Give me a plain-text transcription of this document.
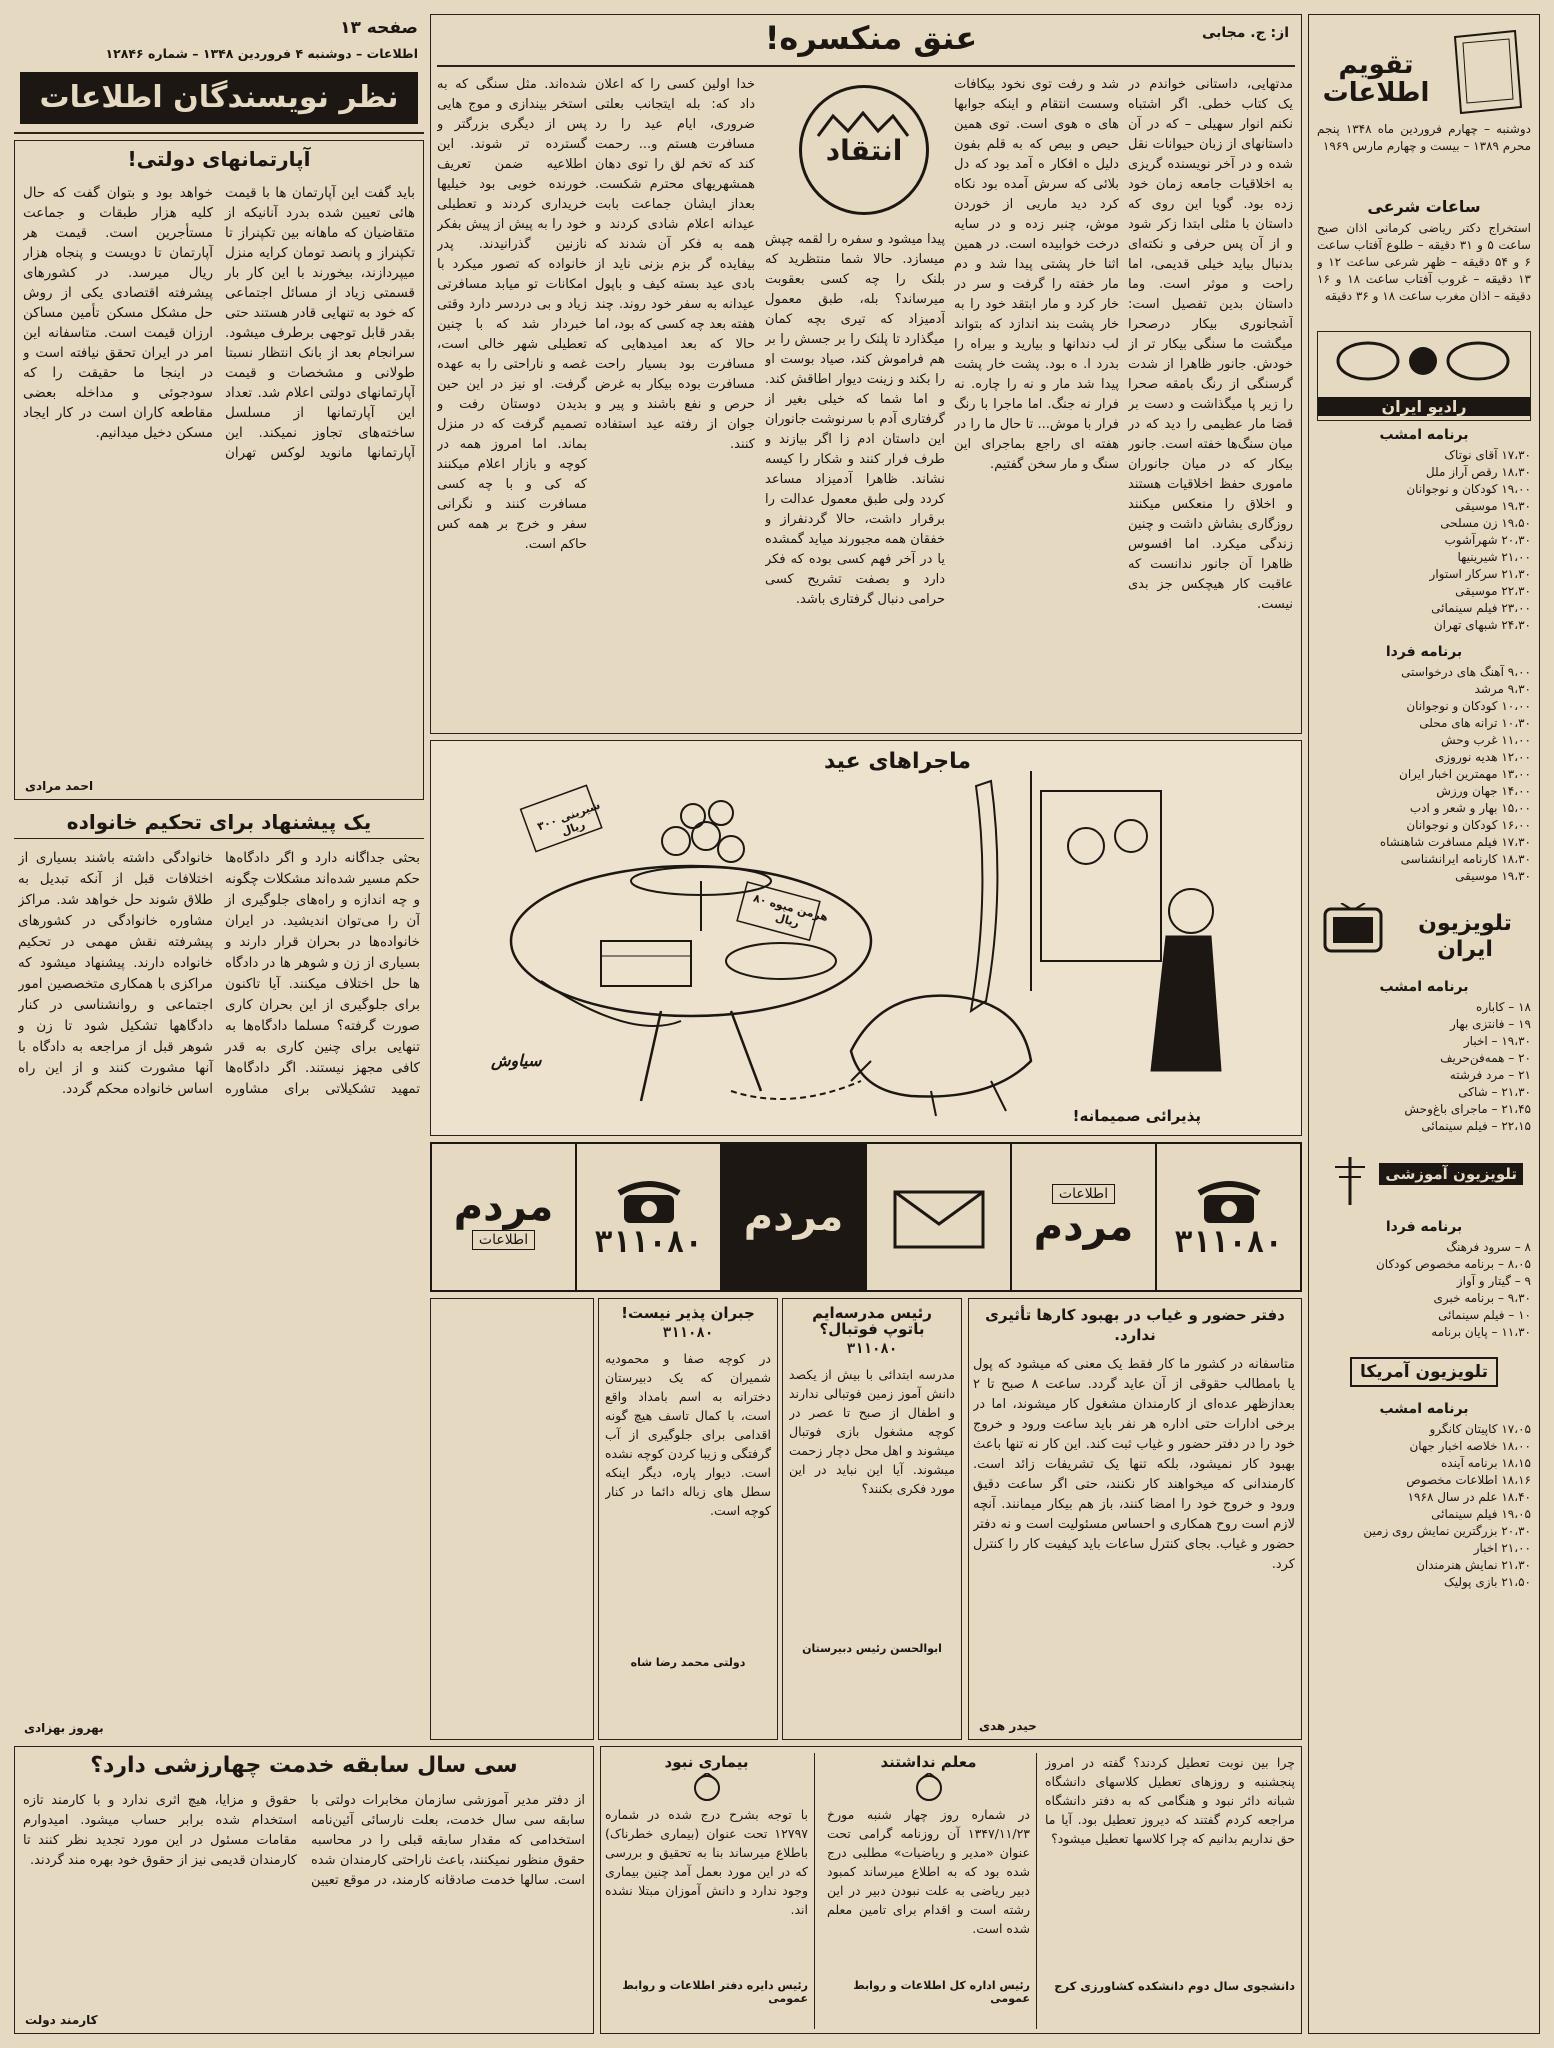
تقویم اطلاعات

دوشنبه – چهارم فروردین ماه ۱۳۴۸ پنجم محرم ۱۳۸۹ – بیست و چهارم مارس ۱۹۶۹

ساعات شرعی

استخراج دکتر ریاضی کرمانی اذان صبح ساعت ۵ و ۳۱ دقیقه – طلوع آفتاب ساعت ۶ و ۵۴ دقیقه – ظهر شرعی ساعت ۱۲ و ۱۳ دقیقه – غروب آفتاب ساعت ۱۸ و ۱۶ دقیقه – اذان مغرب ساعت ۱۸ و ۳۶ دقیقه

رادیو ایران
برنامه امشب
۱۷،۳۰ آقای نوتاک
۱۸،۳۰ رقص آراز ملل
۱۹،۰۰ کودکان و نوجوانان
۱۹،۳۰ موسیقی
۱۹،۵۰ زن مسلحی
۲۰،۳۰ شهرآشوب
۲۱،۰۰ شیرینیها
۲۱،۳۰ سرکار استوار
۲۲،۳۰ موسیقی
۲۳،۰۰ فیلم سینمائی
۲۴،۳۰ شبهای تهران
برنامه فردا
۹،۰۰ آهنگ های درخواستی
۹،۳۰ مرشد
۱۰،۰۰ کودکان و نوجوانان
۱۰،۳۰ ترانه های محلی
۱۱،۰۰ غرب وحش
۱۲،۰۰ هدیه نوروزی
۱۳،۰۰ مهمترین اخبار ایران
۱۴،۰۰ جهان ورزش
۱۵،۰۰ بهار و شعر و ادب
۱۶،۰۰ کودکان و نوجوانان
۱۷،۳۰ فیلم مسافرت شاهنشاه
۱۸،۳۰ کارنامه ایرانشناسی
۱۹،۳۰ موسیقی
تلویزیون ایران
برنامه امشب
۱۸ – کاباره
۱۹ – فانتزی بهار
۱۹،۳۰ – اخبار
۲۰ – همه‌فن‌حریف
۲۱ – مرد فرشته
۲۱،۳۰ – شاکی
۲۱،۴۵ – ماجرای باغ‌وحش
۲۲،۱۵ – فیلم سینمائی
تلویزیون آموزشی
برنامه فردا
۸ – سرود فرهنگ
۸،۰۵ – برنامه مخصوص کودکان
۹ – گیتار و آواز
۹،۳۰ – برنامه خبری
۱۰ – فیلم سینمائی
۱۱،۳۰ – پایان برنامه
تلویزیون آمریکا
برنامه امشب
۱۷،۰۵ کاپیتان کانگرو
۱۸،۰۰ خلاصه اخبار جهان
۱۸،۱۵ برنامه آینده
۱۸،۱۶ اطلاعات مخصوص
۱۸،۴۰ علم در سال ۱۹۶۸
۱۹،۰۵ فیلم سینمائی
۲۰،۳۰ بزرگترین نمایش روی زمین
۲۱،۰۰ اخبار
۲۱،۳۰ نمایش هنرمندان
۲۱،۵۰ بازی پولیک
صفحه ۱۳
اطلاعات – دوشنبه ۴ فروردین ۱۳۴۸ – شماره ۱۲۸۴۶
نظر نویسندگان اطلاعات
آپارتمانهای دولتی!

باید گفت این آپارتمان ها با قیمت هائی تعیین شده بدرد آنانیکه از متقاضیان که ماهانه بین تکپنراز تا تکپنراز و پانصد تومان کرایه منزل میپردازند، بیخورند با این کار بار قسمتی زیاد از مسائل اجتماعی که خود به تنهایی قادر هستند حتی بقدر قابل توجهی برطرف میشود. سرانجام بعد از بانک انتظار نسبتا طولانی و مشخصات و قیمت آپارتمانهای دولتی اعلام شد. تعداد این آپارتمانها از مسلسل ساخته‌های تجاوز نمیکند. این آپارتمانها مانوید لوکس تهران خواهد بود و بتوان گفت که حال کلیه هزار طبقات و جماعت مستأجرین است. قیمت هر آپارتمان تا دویست و پنجاه هزار ریال میرسد. در کشورهای پیشرفته اقتصادی یکی از روش حل مشکل مسکن تأمین مساکن ارزان قیمت است. متاسفانه این امر در ایران تحقق نیافته است و در اینجا ما حقیقت را که سودجوئی و مداخله بعضی مقاطعه کاران است در کار ایجاد مسکن دخیل میدانیم.

احمد مرادی
یک پیشنهاد برای تحکیم خانواده

بحثی جداگانه دارد و اگر دادگاه‌ها حکم مسیر شده‌اند مشکلات چگونه و چه اندازه و راه‌های جلوگیری از آن را می‌توان اندیشید. در ایران خانواده‌ها در بحران قرار دارند و بسیاری از زن و شوهر ها در دادگاه ها حل اختلاف میکنند. آیا تاکنون برای جلوگیری از این بحران کاری صورت گرفته؟ مسلما دادگاه‌ها به تنهایی برای چنین کاری به قدر کافی مجهز نیستند. اگر دادگاه‌ها تمهید تشکیلاتی برای مشاوره خانوادگی داشته باشند بسیاری از اختلافات قبل از آنکه تبدیل به طلاق شوند حل خواهد شد. مراکز مشاوره خانوادگی در کشورهای پیشرفته نقش مهمی در تحکیم خانواده دارند. پیشنهاد میشود که مراکزی با همکاری متخصصین امور اجتماعی و روانشناسی در کنار دادگاهها تشکیل شود تا زن و شوهر قبل از مراجعه به دادگاه با آنها مشورت کنند و از این راه اساس خانواده محکم گردد.

بهروز بهزادی
سی سال سابقه خدمت چهارزشی دارد؟

از دفتر مدیر آموزشی سازمان مخابرات دولتی با سابقه سی سال خدمت، بعلت نارسائی آئین‌نامه استخدامی که مقدار سابقه قبلی را در محاسبه حقوق منظور نمیکنند، باعث ناراحتی کارمندان شده است. سالها خدمت صادقانه کارمند، در موقع تعیین حقوق و مزایا، هیچ اثری ندارد و با کارمند تازه استخدام شده برابر حساب میشود. امیدوارم مقامات مسئول در این مورد تجدید نظر کنند تا کارمندان قدیمی نیز از حقوق خود بهره مند گردند.

کارمند دولت
از: ج. مجابی
عنق منکسره!

مدتهایی، داستانی خواندم در یک کتاب خطی. اگر اشتباه نکنم انوار سهیلی – که در آن داستانهای از زبان حیوانات نقل شده و در آخر نویسنده گریزی به اخلاقیات جامعه زمان خود زده بود. گویا این روی که داستان با مثلی ابتدا زکر شود و از آن پس حرفی و نکته‌ای بدنبال بیاید خیلی قدیمی، اما راحت و موثر است. وما داستان بدین تفصیل است: آشجانوری بیکار درصحرا میگشت ما سنگی بیکار تر از خودش. جانور ظاهرا از شدت گرسنگی از رنگ بامقه صحرا را زیر پا میگذاشت و دست بر قضا مار عظیمی را دید که در میان سنگ‌ها خفته است. جانور بیکار که در میان جانوران ماموری حفظ اخلاقیات هستند و اخلاق را منعکس میکنند روزگاری بشاش داشت و چنین زندگی میکرد. اما افسوس ظاهرا آن جانور ندانست که عاقبت کار هیچکس جز بدی نیست.

شد و رفت توی نخود بیکافات وسست انتقام و اینکه جوابها های ه هوی است. توی همین حیص و بیص که به قلم بفون دلیل ه افکار ه آمد بود که دل بلائی که سرش آمده بود نکاه کرد دید ماریی از خوردن موش، چنبر زده و در سایه درخت خوابیده است. در همین اثنا خار پشتی پیدا شد و دم مار خفته را گرفت و سر در خار کرد و مار ابتقد خود را به خار پشت بند اندازد که بتواند لب دندانها و بیارید و بیراه را بدرد ا. ه بود. پشت خار پشت پیدا شد مار و نه را چاره. نه فرار نه جنگ. اما ماجرا با رنگ فرار با موش... تا حال ما را در هفته ای راجع بماجرای این سنگ و مار سخن گفتیم.

انتقاد

پیدا میشود و سفره را لقمه چپش میسازد. حالا شما منتظرید که بلنک را چه کسی بعقوبت میرساند؟ بله، طبق معمول آدمیزاد که تیری بچه کمان میگذارد تا پلنک را بر جسش را بر هم فراموش کند، صیاد بوست او را بکند و زینت دیوار اطاقش کند. و اما شما که خیلی بغیر از گرفتاری آدم با سرنوشت جانوران این داستان ادم زا اگر بیازند و طرف فرار کنند و شکار را کیسه نشاند. ظاهرا آدمیزاد مساعد کردد ولی طبق معمول عدالت را برقرار داشت، حالا گردنفراز و خفقان همه مجبورند میاید گمشده یا در آخر فهم کسی بوده که فکر دارد و بصفت تشریح کسی حرامی دنبال گرفتاری باشد.

خدا اولین کسی را که اعلان داد که: بله ایتجانب بعلتی ضروری، ایام عید را رد مسافرت هستم و... رحمت کند که تخم لق را توی دهان همشهریهای محترم شکست. بعداز ایشان جماعت بابت عیدانه اعلام شادی کردند و همه به فکر آن شدند که بیفایده گر بزم بزنی ناید از بادی عید بسته کیف و باپول عیدانه به سفر خود روند. چند هفته بعد چه کسی که بود، اما حالا که بعد امیدهایی که مسافرت بود بسیار راحت مسافرت بوده بیکار به غرض حرص و نفع باشند و پیر و جوان از رفته عید استفاده کنند.

شده‌اند. مثل سنگی که به استخر بیندازی و موج هایی پس از دیگری بزرگتر و گسترده تر شوند. این اطلاعیه ضمن تعریف خورنده خوبی بود خیلیها خریداری کردند و تعطیلی خود را به پیش از پیش بفکر نازنین گذرانیدند. پدر خانواده که تصور میکرد با امکانات تو میابد مسافرتی زیاد و بی دردسر دارد وقتی خبردار شد که با چنین تعطیلی شهر خالی است، غصه و ناراحتی را به عهده گرفت. او نیز در این حین بدیدن دوستان رفت و تصمیم گرفت که در منزل بماند. اما امروز همه در کوچه و بازار اعلام میکنند که کی و با چه کسی مسافرت کنند و نگرانی سفر و خرج بر همه کس حاکم است.

ماجراهای عید
شیرینی ۳۰۰ ریال
هرمن میوه ۸۰ ریال
سیاوش
پذیرائی صمیمانه!
۳۱۱۰۸۰
اطلاعات
مردم
مردم
۳۱۱۰۸۰
مردم
اطلاعات
جبران پذیر نیست!
۳۱۱۰۸۰

در کوچه صفا و محمودیه شمیران که یک دبیرستان دخترانه به اسم بامداد واقع است، با کمال تاسف هیچ گونه اقدامی برای جلوگیری از آب گرفتگی و زیبا کردن کوچه نشده است. دیوار پاره، دیگر اینکه سطل های زباله دائما در کنار کوچه است.

دولتی محمد رضا شاه
رئیس مدرسه‌ایم باتوپ فوتبال؟
۳۱۱۰۸۰

مدرسه ابتدائی با بیش از یکصد دانش آموز زمین فوتبالی ندارند و اطفال از صبح تا عصر در کوچه مشغول بازی فوتبال میشوند و اهل محل دچار زحمت میشوند. آیا این نباید در این مورد فکری بکنند؟

ابوالحسن رئیس دبیرستان
دفتر حضور و غیاب در بهبود کارها تأثیری ندارد.

متاسفانه در کشور ما کار فقط یک معنی که میشود که پول یا بامطالب حقوقی از آن عاید گردد. ساعت ۸ صبح تا ۲ بعدازظهر عده‌ای از کارمندان مشغول کار میشوند، اما در برخی ادارات حتی اداره هر نفر باید ساعت ورود و خروج خود را در دفتر حضور و غیاب ثبت کند. این کار نه تنها باعث بهبود کار نمیشود، بلکه تنها یک تشریفات زائد است. کارمندانی که میخواهند کار نکنند، حتی اگر ساعت دقیق ورود و خروج خود را امضا کنند، باز هم بیکار میمانند. آنچه لازم است روح همکاری و احساس مسئولیت است و نه دفتر حضور و غیاب. بجای کنترل ساعات باید کیفیت کار را کنترل کرد.

حیدر هدی

چرا بین نوبت تعطیل کردند؟ گفته در امروز پنجشنبه و روزهای تعطیل کلاسهای دانشگاه شبانه دائر نبود و هنگامی که به دفتر دانشگاه مراجعه کردم گفتند که دیروز تعطیل بود. آیا ما حق نداریم بدانیم که چرا کلاسها تعطیل میشود؟

دانشجوی سال دوم دانشکده کشاورزی کرج
معلم نداشتند

در شماره روز چهار شنبه مورخ ۱۳۴۷/۱۱/۲۳ آن روزنامه گرامی تحت عنوان «مدیر و ریاضیات» مطلبی درج شده بود که به اطلاع میرساند کمبود دبیر ریاضی به علت نبودن دبیر در این رشته است و اقدام برای تامین معلم شده است.

رئیس اداره کل اطلاعات و روابط عمومی
بیماری نبود

با توجه بشرح درج شده در شماره ۱۲۷۹۷ تحت عنوان (بیماری خطرناک) باطلاع میرساند بنا به تحقیق و بررسی که در این مورد بعمل آمد چنین بیماری وجود ندارد و دانش آموزان مبتلا نشده اند.

رئیس دایره دفتر اطلاعات و روابط عمومی
